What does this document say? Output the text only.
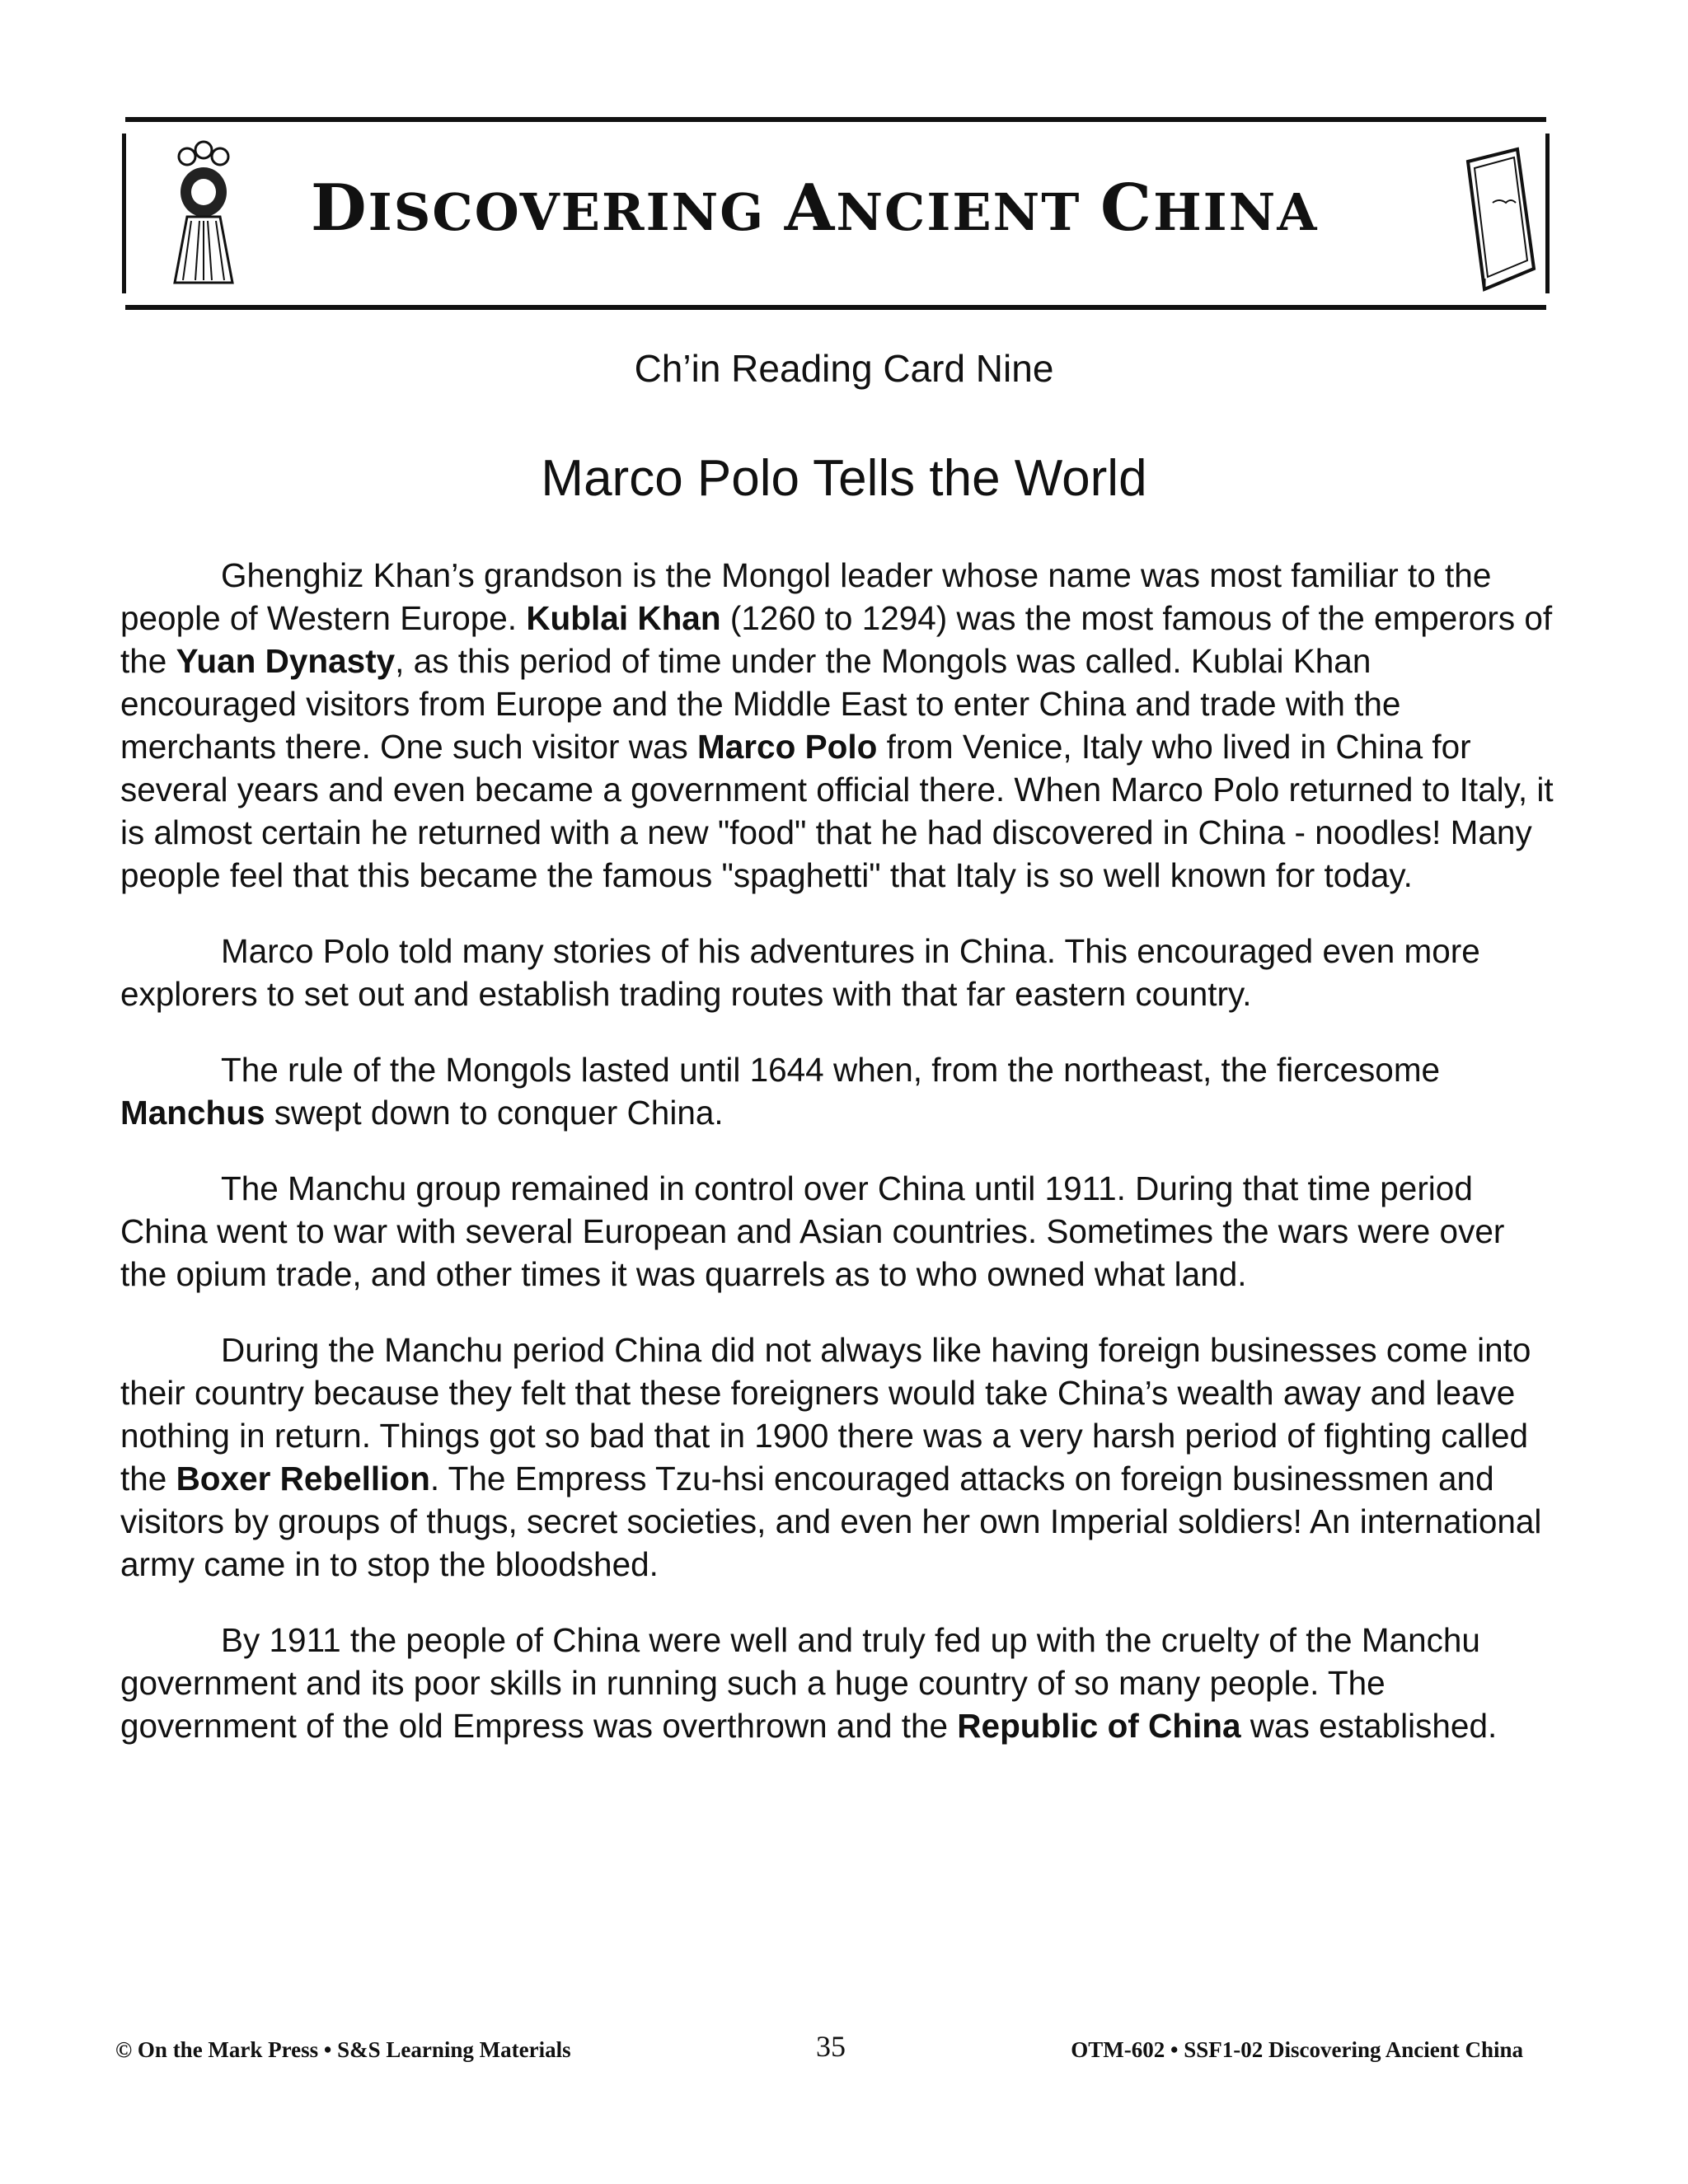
DISCOVERING ANCIENT CHINA
Ch’in Reading Card Nine
Marco Polo Tells the World

Ghenghiz Khan’s grandson is the Mongol leader whose name was most familiar to the people of Western Europe. Kublai Khan (1260 to 1294) was the most famous of the emperors of the Yuan Dynasty, as this period of time under the Mongols was called. Kublai Khan encouraged visitors from Europe and the Middle East to enter China and trade with the merchants there. One such visitor was Marco Polo from Venice, Italy who lived in China for several years and even became a government official there. When Marco Polo returned to Italy, it is almost certain he returned with a new "food" that he had discovered in China - noodles! Many people feel that this became the famous "spaghetti" that Italy is so well known for today.

Marco Polo told many stories of his adventures in China. This encouraged even more explorers to set out and establish trading routes with that far eastern country.

The rule of the Mongols lasted until 1644 when, from the northeast, the fiercesome Manchus swept down to conquer China.

The Manchu group remained in control over China until 1911. During that time period China went to war with several European and Asian countries. Sometimes the wars were over the opium trade, and other times it was quarrels as to who owned what land.

During the Manchu period China did not always like having foreign businesses come into their country because they felt that these foreigners would take China’s wealth away and leave nothing in return. Things got so bad that in 1900 there was a very harsh period of fighting called the Boxer Rebellion. The Empress Tzu-hsi encouraged attacks on foreign businessmen and visitors by groups of thugs, secret societies, and even her own Imperial soldiers! An international army came in to stop the bloodshed.

By 1911 the people of China were well and truly fed up with the cruelty of the Manchu government and its poor skills in running such a huge country of so many people. The government of the old Empress was overthrown and the Republic of China was established.

© On the Mark Press • S&S Learning Materials	35	OTM-602 • SSF1-02 Discovering Ancient China
